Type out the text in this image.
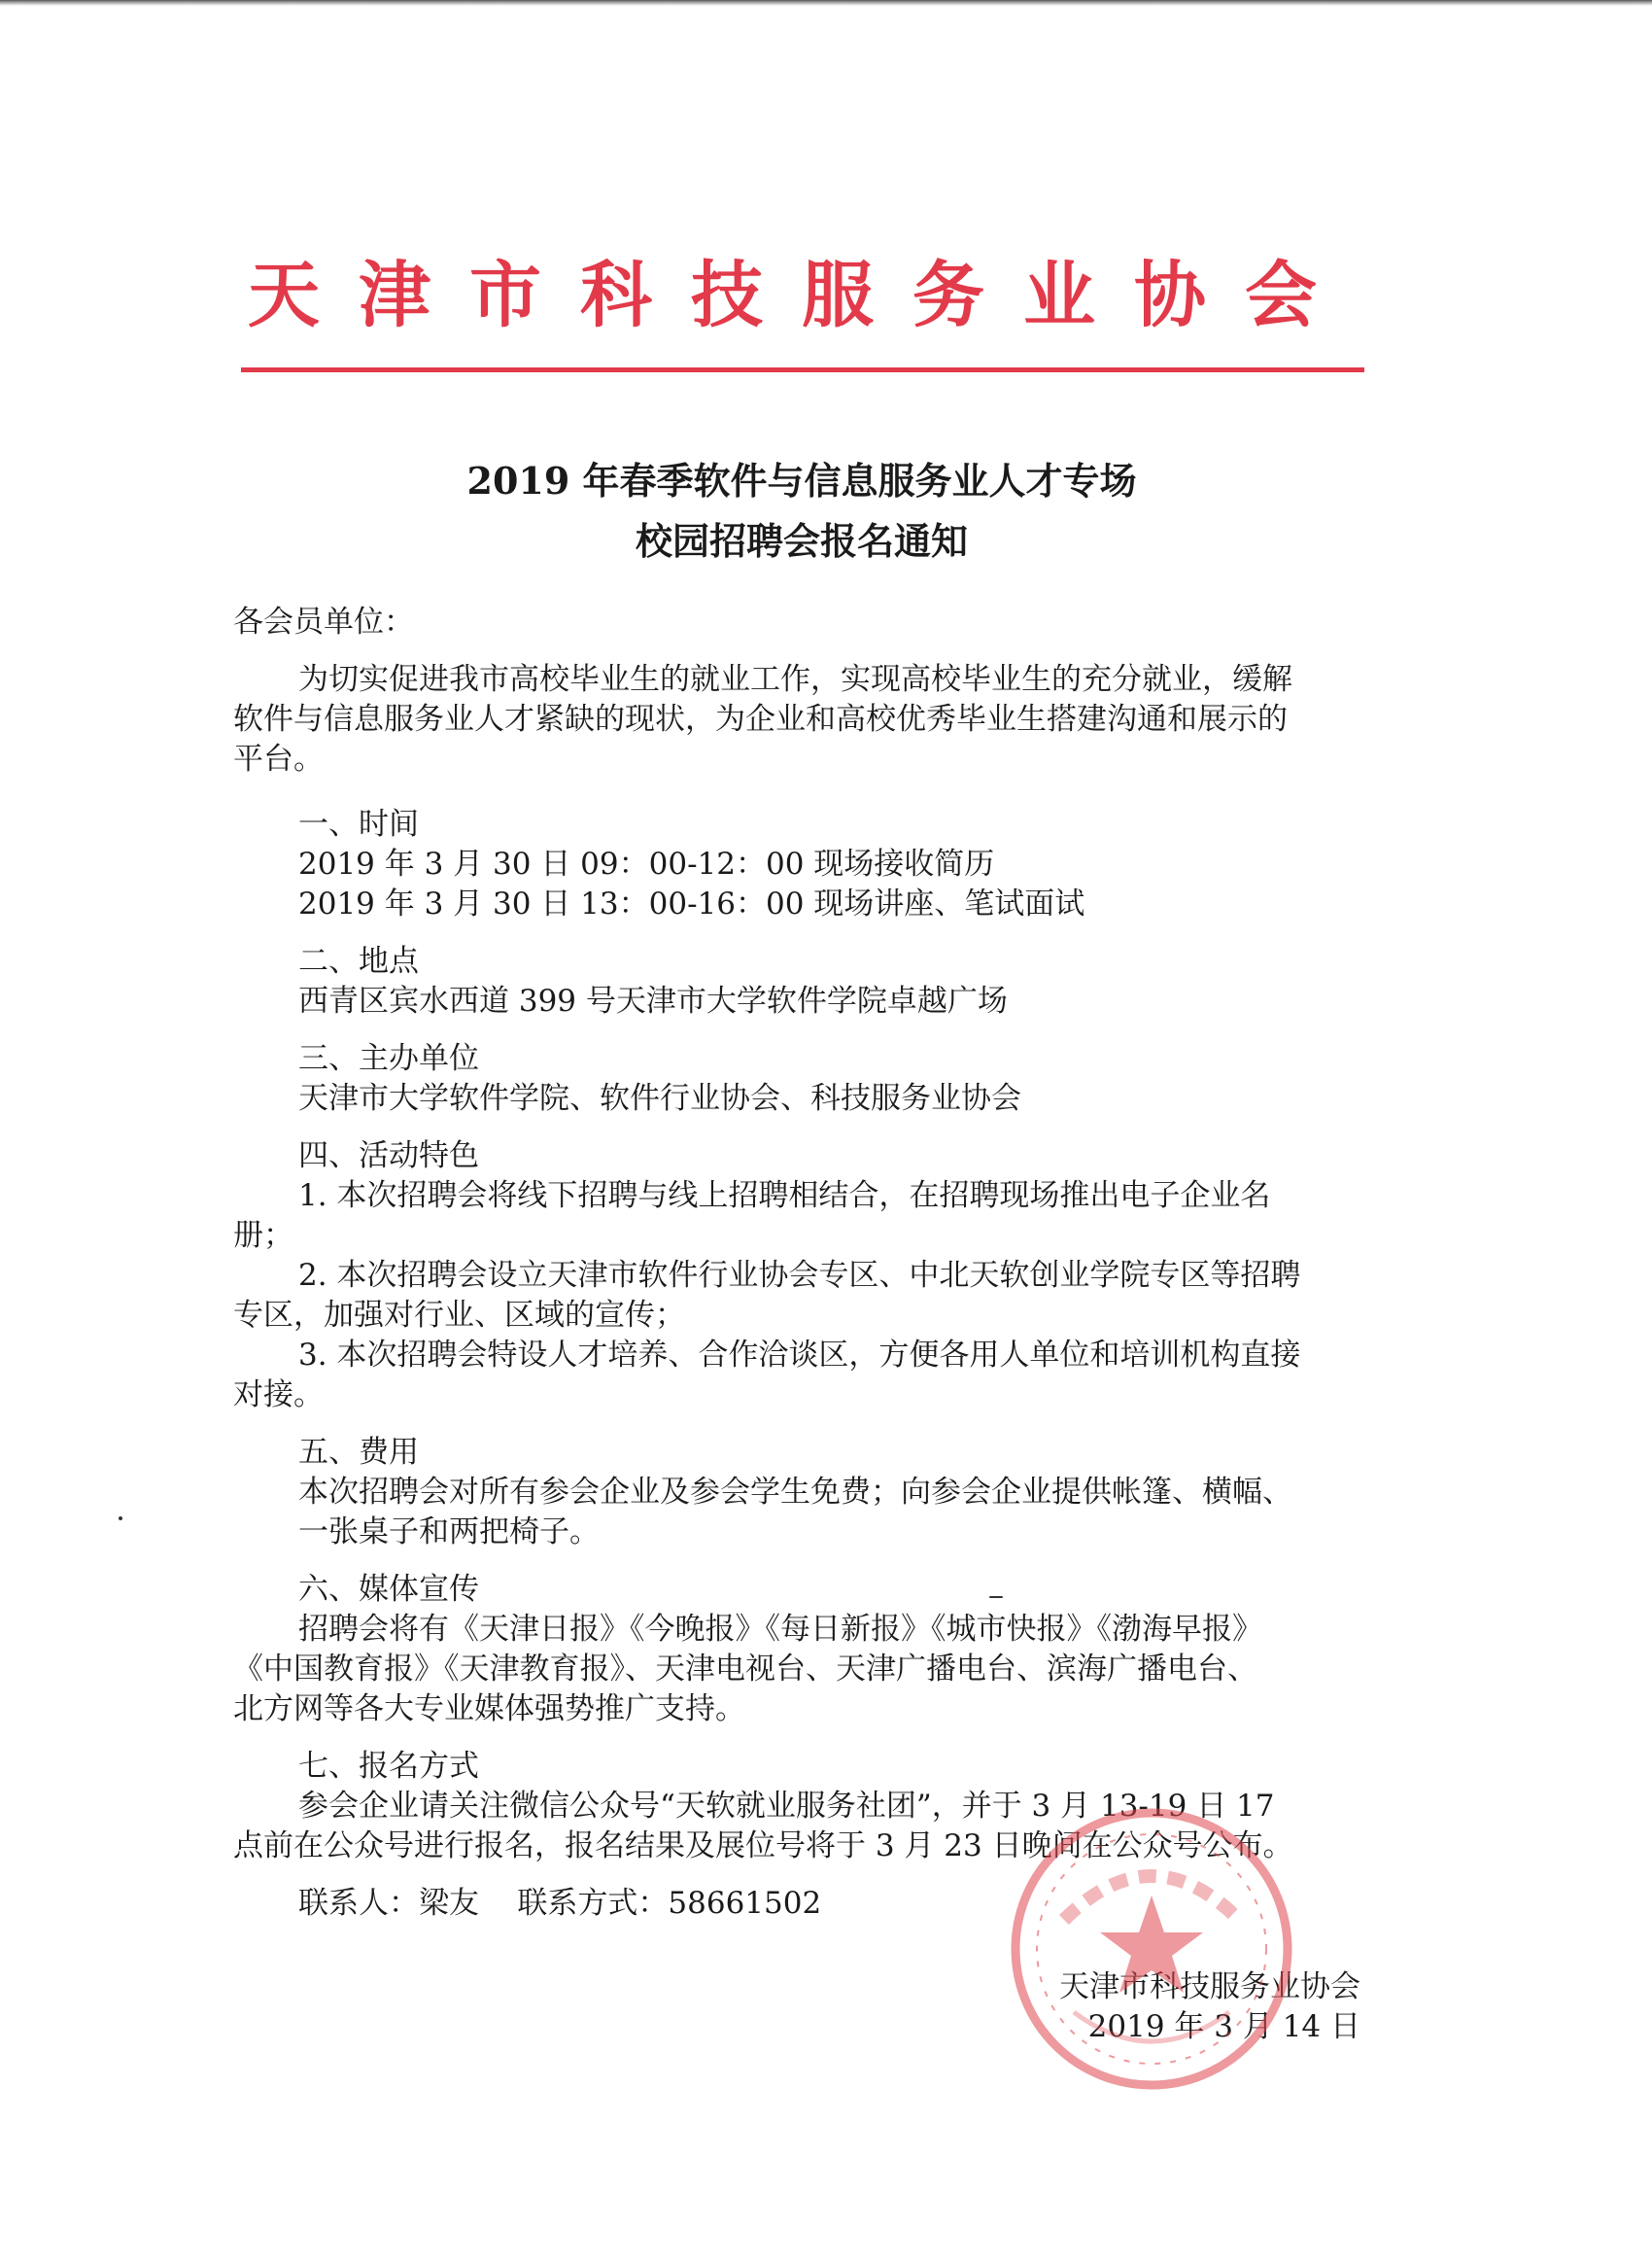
天津市科技服务业协会
2019 年春季软件与信息服务业人才专场
校园招聘会报名通知
各会员单位：
为切实促进我市高校毕业生的就业工作，实现高校毕业生的充分就业，缓解
软件与信息服务业人才紧缺的现状，为企业和高校优秀毕业生搭建沟通和展示的
平台。
一、时间
2019 年 3 月 30 日 09：00-12：00 现场接收简历
2019 年 3 月 30 日 13：00-16：00 现场讲座、笔试面试
二、地点
西青区宾水西道 399 号天津市大学软件学院卓越广场
三、主办单位
天津市大学软件学院、软件行业协会、科技服务业协会
四、活动特色
1. 本次招聘会将线下招聘与线上招聘相结合，在招聘现场推出电子企业名
册；
2. 本次招聘会设立天津市软件行业协会专区、中北天软创业学院专区等招聘
专区，加强对行业、区域的宣传；
3. 本次招聘会特设人才培养、合作洽谈区，方便各用人单位和培训机构直接
对接。
五、费用
本次招聘会对所有参会企业及参会学生免费；向参会企业提供帐篷、横幅、
一张桌子和两把椅子。
六、媒体宣传
招聘会将有《天津日报》《今晚报》《每日新报》《城市快报》《渤海早报》
《中国教育报》《天津教育报》、天津电视台、天津广播电台、滨海广播电台、
北方网等各大专业媒体强势推广支持。
七、报名方式
参会企业请关注微信公众号“天软就业服务社团”，并于 3 月 13-19 日 17
点前在公众号进行报名，报名结果及展位号将于 3 月 23 日晚间在公众号公布。
联系人：梁友    联系方式：58661502
天津市科技服务业协会
2019 年 3 月 14 日
